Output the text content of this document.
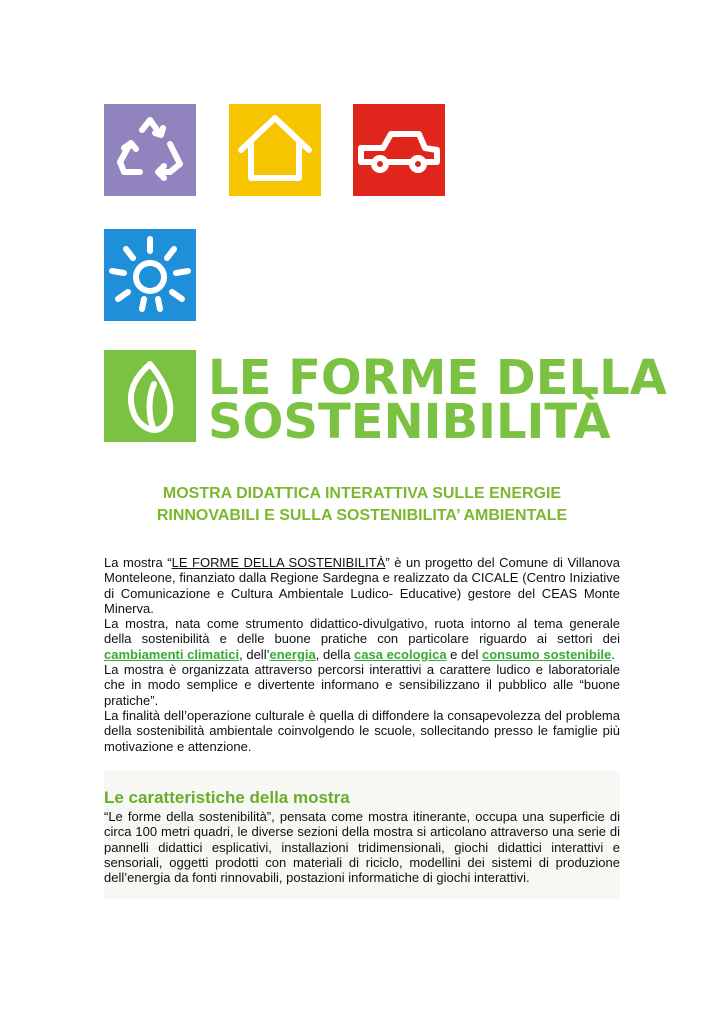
LE FORME DELLA
SOSTENIBILITÀ
MOSTRA DIDATTICA INTERATTIVA SULLE ENERGIE
RINNOVABILI E SULLA SOSTENIBILITA’ AMBIENTALE

La mostra “LE FORME DELLA SOSTENIBILITÀ” è un progetto del Comune di Villanova Monteleone, finanziato dalla Regione Sardegna e realizzato da CICALE (Centro Iniziative di Comunicazione e Cultura Ambientale Ludico- Educative) gestore del CEAS Monte Minerva.

La mostra, nata come strumento didattico-divulgativo, ruota intorno al tema generale della sostenibilità e delle buone pratiche con particolare riguardo ai settori dei cambiamenti climatici, dell’energia, della casa ecologica e del consumo sostenibile.

La mostra è organizzata attraverso percorsi interattivi a carattere ludico e laboratoriale che in modo semplice e divertente informano e sensibilizzano il pubblico alle “buone pratiche”.

La finalità dell’operazione culturale è quella di diffondere la consapevolezza del problema della sostenibilità ambientale coinvolgendo le scuole, sollecitando presso le famiglie più motivazione e attenzione.

Le caratteristiche della mostra

“Le forme della sostenibilità”, pensata come mostra itinerante, occupa una superficie di circa 100 metri quadri, le diverse sezioni della mostra si articolano attraverso una serie di pannelli didattici esplicativi, installazioni tridimensionali, giochi didattici interattivi e sensoriali, oggetti prodotti con materiali di riciclo, modellini dei sistemi di produzione dell’energia da fonti rinnovabili, postazioni informatiche di giochi interattivi.
